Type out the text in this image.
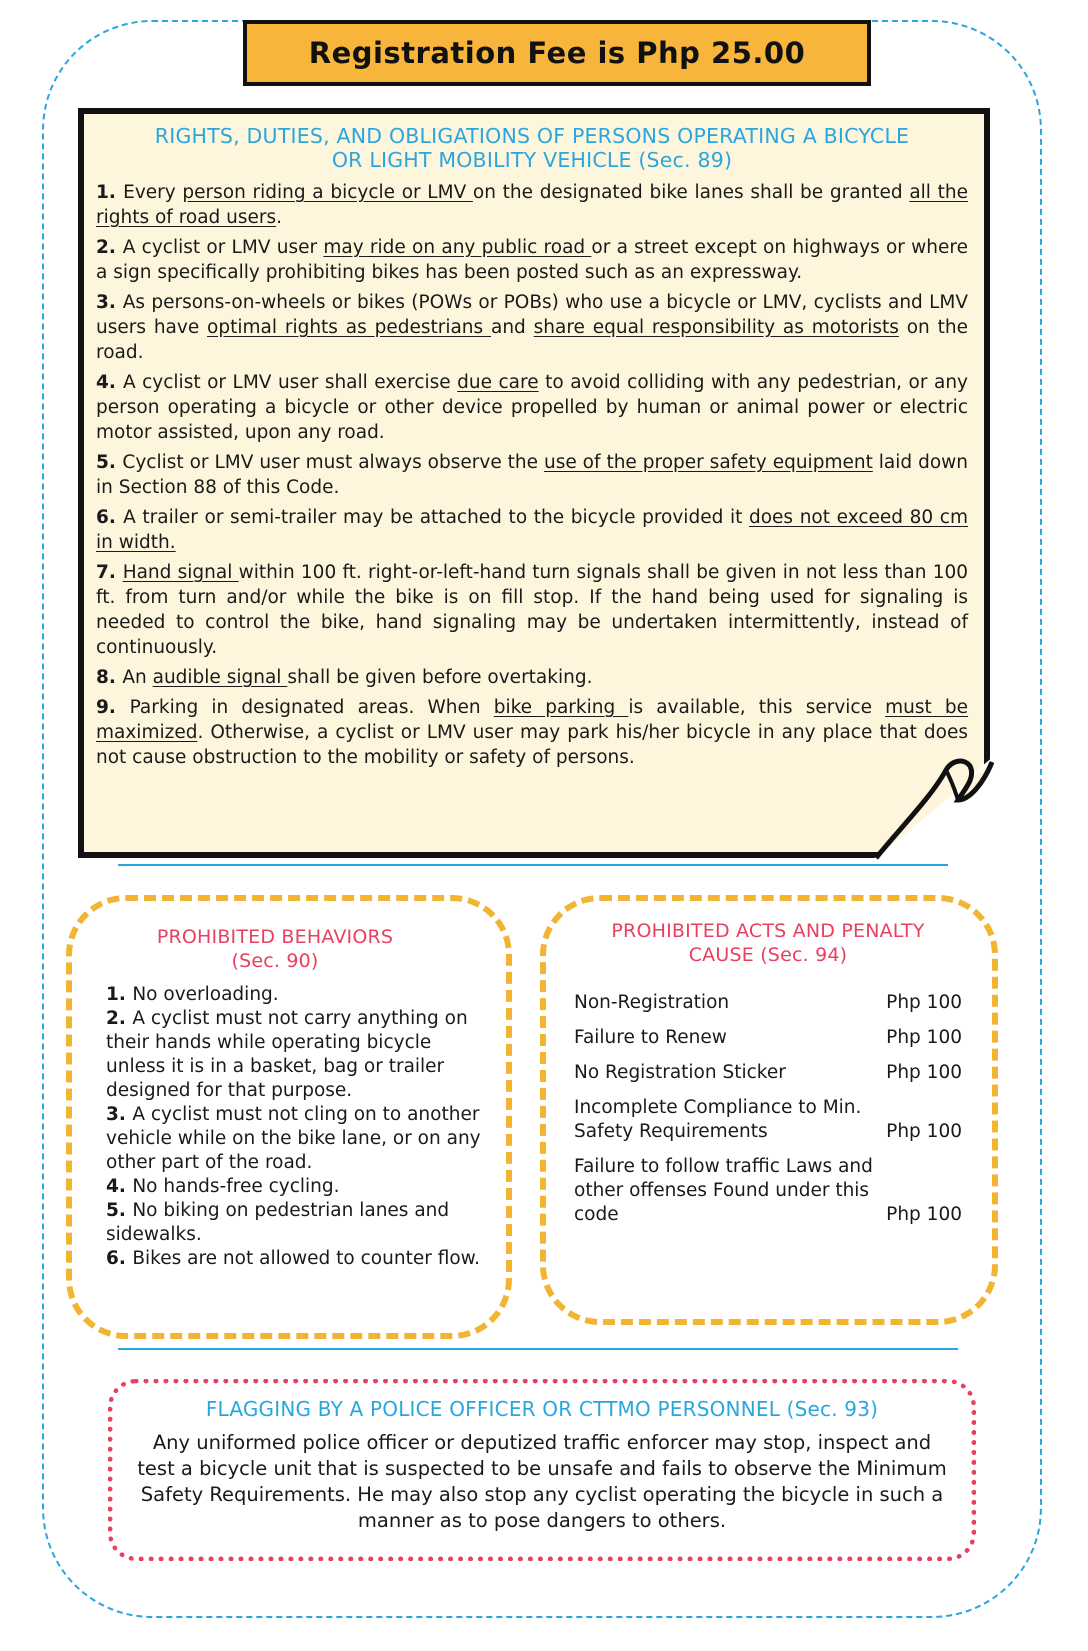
Registration Fee is Php 25.00
RIGHTS, DUTIES, AND OBLIGATIONS OF PERSONS OPERATING A BICYCLE
OR LIGHT MOBILITY VEHICLE (Sec. 89)
1. Every person riding a bicycle or LMV on the designated bike lanes shall be granted all the rights of road users.
2. A cyclist or LMV user may ride on any public road or a street except on highways or where a sign specifically prohibiting bikes has been posted such as an expressway.
3. As persons-on-wheels or bikes (POWs or POBs) who use a bicycle or LMV, cyclists and LMV users have optimal rights as pedestrians and share equal responsibility as motorists on the road.
4. A cyclist or LMV user shall exercise due care to avoid colliding with any pedestrian, or any person operating a bicycle or other device propelled by human or animal power or electric motor assisted, upon any road.
5. Cyclist or LMV user must always observe the use of the proper safety equipment laid down in Section 88 of this Code.
6. A trailer or semi-trailer may be attached to the bicycle provided it does not exceed 80 cm in width.
7. Hand signal within 100 ft. right-or-left-hand turn signals shall be given in not less than 100 ft. from turn and/or while the bike is on fill stop. If the hand being used for signaling is needed to control the bike, hand signaling may be undertaken intermittently, instead of continuously.
8. An audible signal shall be given before overtaking.
9. Parking in designated areas. When bike parking is available, this service must be maximized. Otherwise, a cyclist or LMV user may park his/her bicycle in any place that does not cause obstruction to the mobility or safety of persons.
PROHIBITED BEHAVIORS
(Sec. 90)
1. No overloading.
2. A cyclist must not carry anything on their hands while operating bicycle unless it is in a basket, bag or trailer designed for that purpose.
3. A cyclist must not cling on to another vehicle while on the bike lane, or on any other part of the road.
4. No hands-free cycling.
5. No biking on pedestrian lanes and sidewalks.
6. Bikes are not allowed to counter flow.
PROHIBITED ACTS AND PENALTY
CAUSE (Sec. 94)
Non-Registration	Php 100
Failure to Renew	Php 100
No Registration Sticker	Php 100
Incomplete Compliance to Min. Safety Requirements	Php 100
Failure to follow traffic Laws and other offenses Found under this code	Php 100
FLAGGING BY A POLICE OFFICER OR CTTMO PERSONNEL (Sec. 93)
Any uniformed police officer or deputized traffic enforcer may stop, inspect and test a bicycle unit that is suspected to be unsafe and fails to observe the Minimum Safety Requirements. He may also stop any cyclist operating the bicycle in such a manner as to pose dangers to others.
